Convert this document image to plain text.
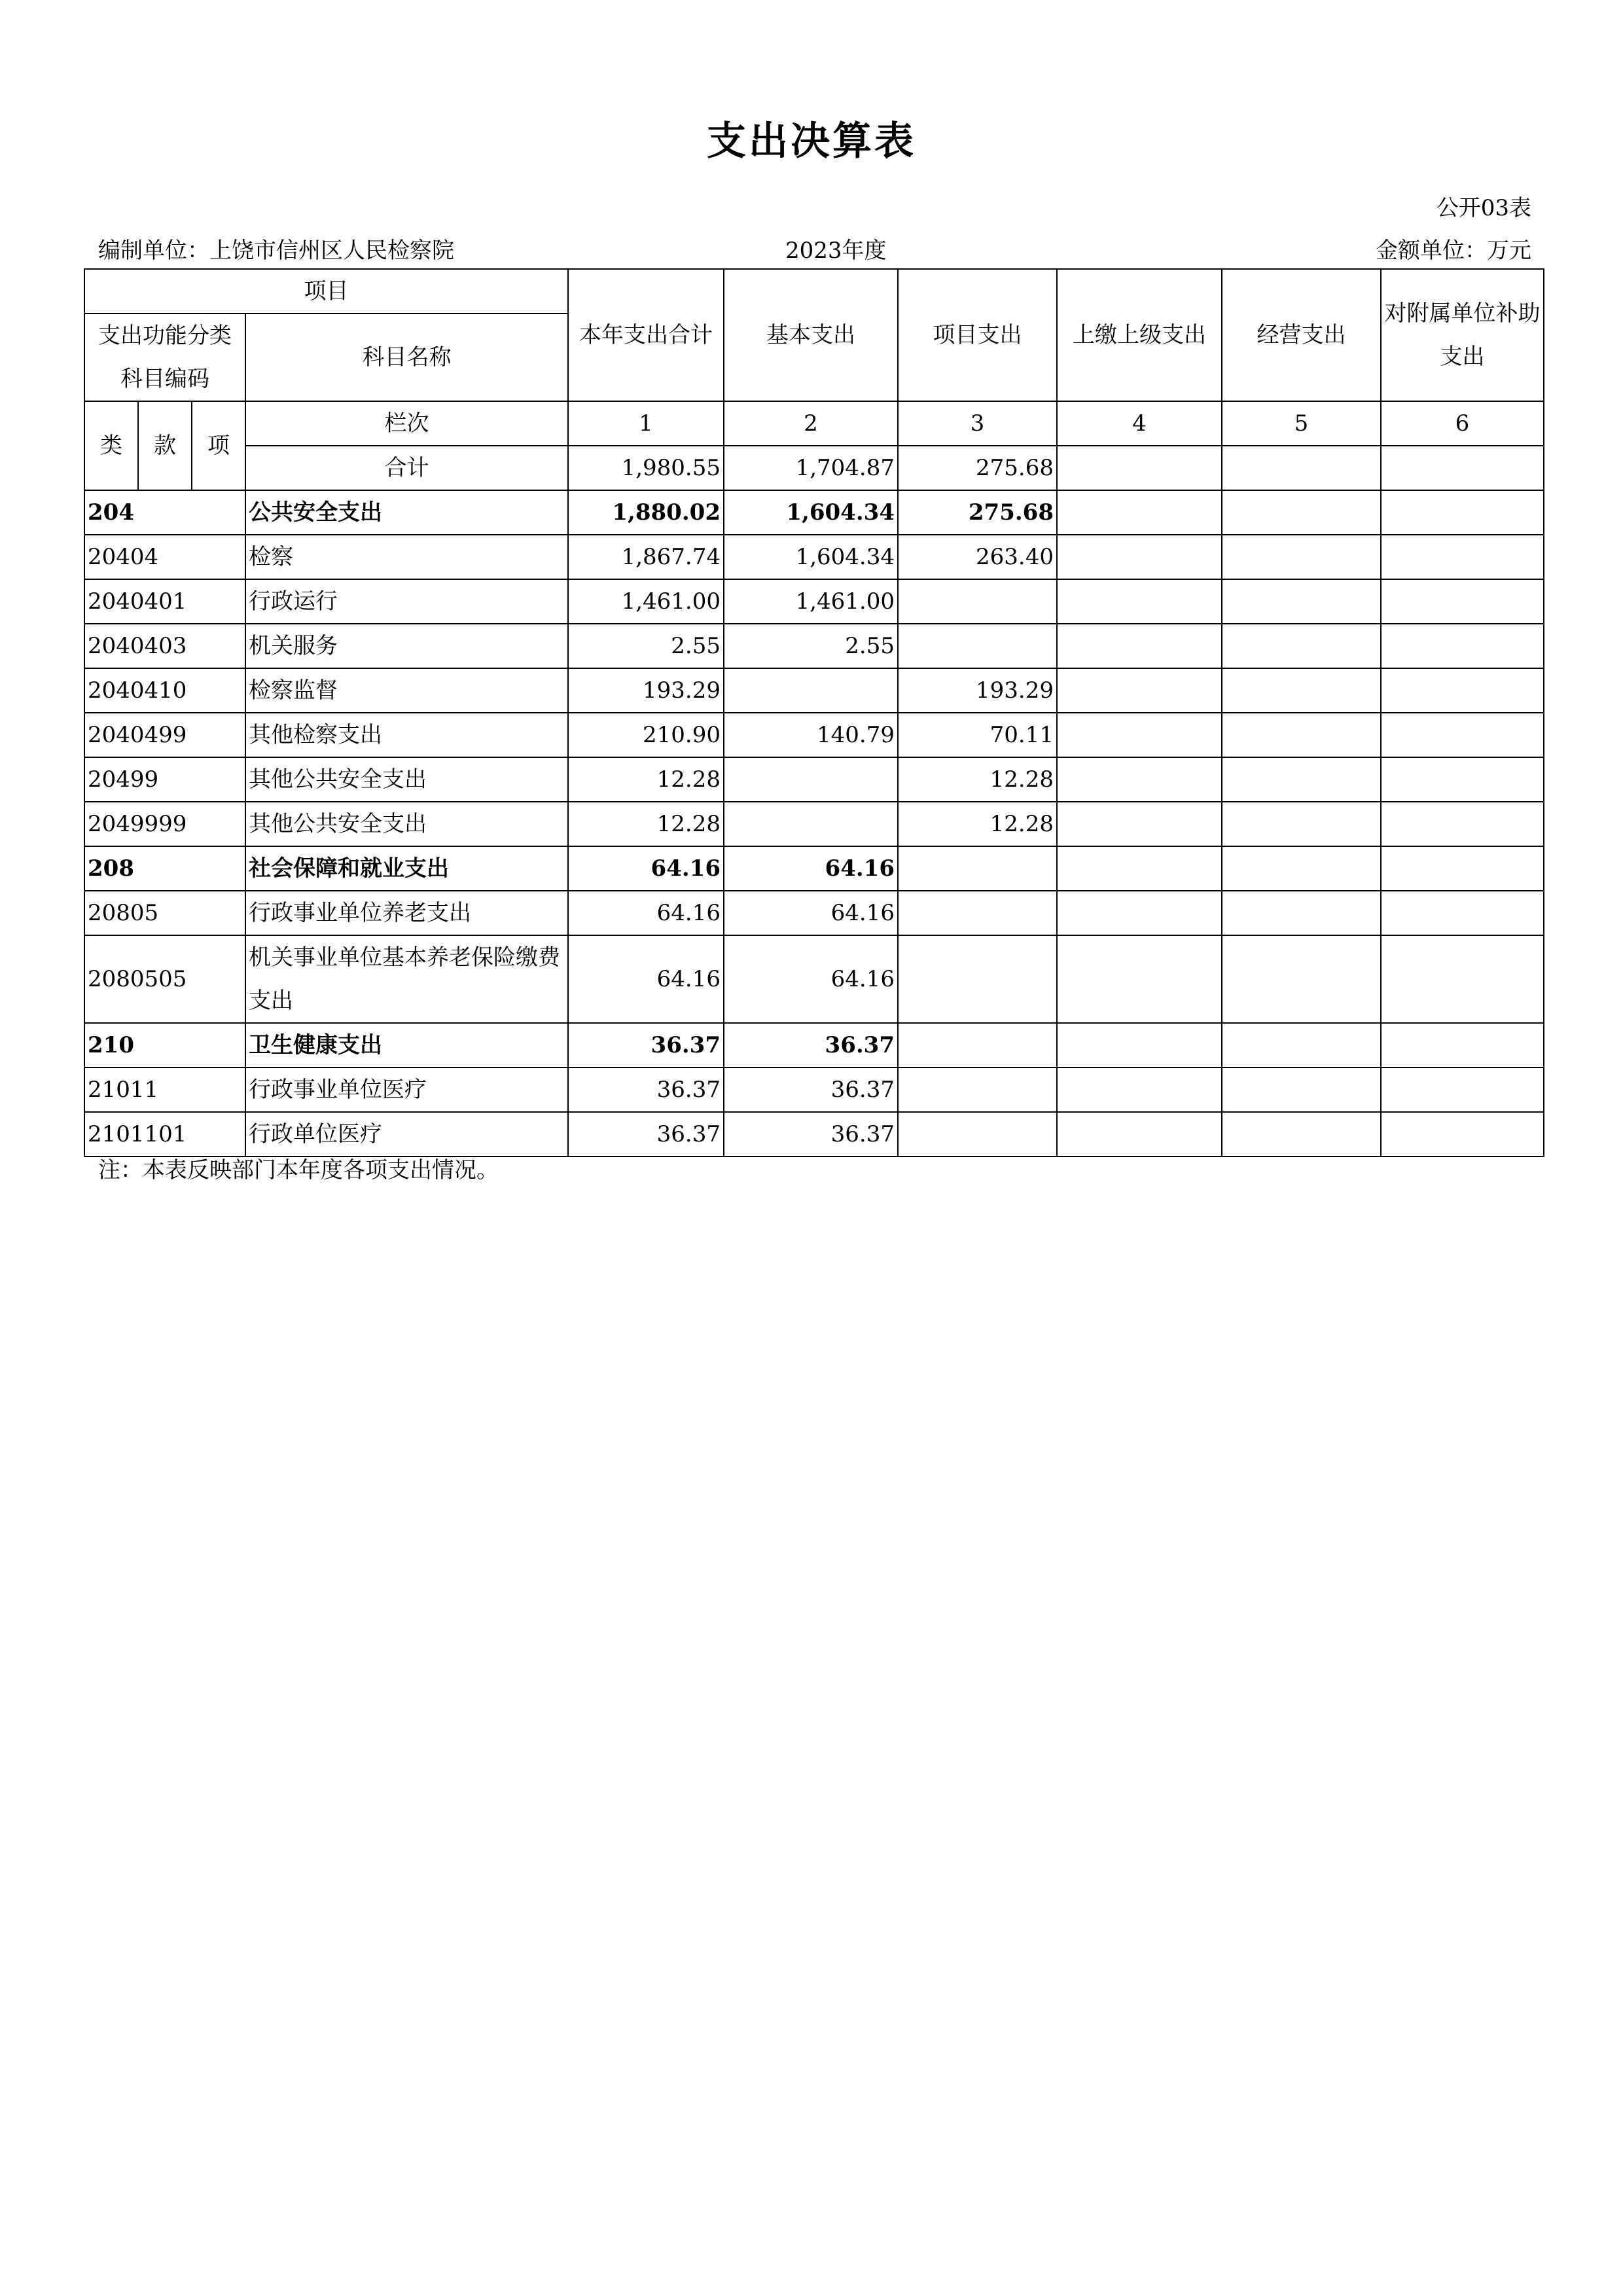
支出决算表
公开03表
编制单位：上饶市信州区人民检察院	2023年度	金额单位：万元
项目				本年支出合计	基本支出	项目支出	上缴上级支出	经营支出	对附属单位补助支出
支出功能分类科目编码			科目名称						
类	款	项	栏次	1	2	3	4	5	6
			合计	1,980.55	1,704.87	275.68			
204			公共安全支出	1,880.02	1,604.34	275.68			
20404			检察	1,867.74	1,604.34	263.40			
2040401			行政运行	1,461.00	1,461.00				
2040403			机关服务	2.55	2.55				
2040410			检察监督	193.29		193.29			
2040499			其他检察支出	210.90	140.79	70.11			
20499			其他公共安全支出	12.28		12.28			
2049999			其他公共安全支出	12.28		12.28			
208			社会保障和就业支出	64.16	64.16				
20805			行政事业单位养老支出	64.16	64.16				
2080505			机关事业单位基本养老保险缴费支出	64.16	64.16				
210			卫生健康支出	36.37	36.37				
21011			行政事业单位医疗	36.37	36.37				
2101101			行政单位医疗	36.37	36.37				
注：本表反映部门本年度各项支出情况。
